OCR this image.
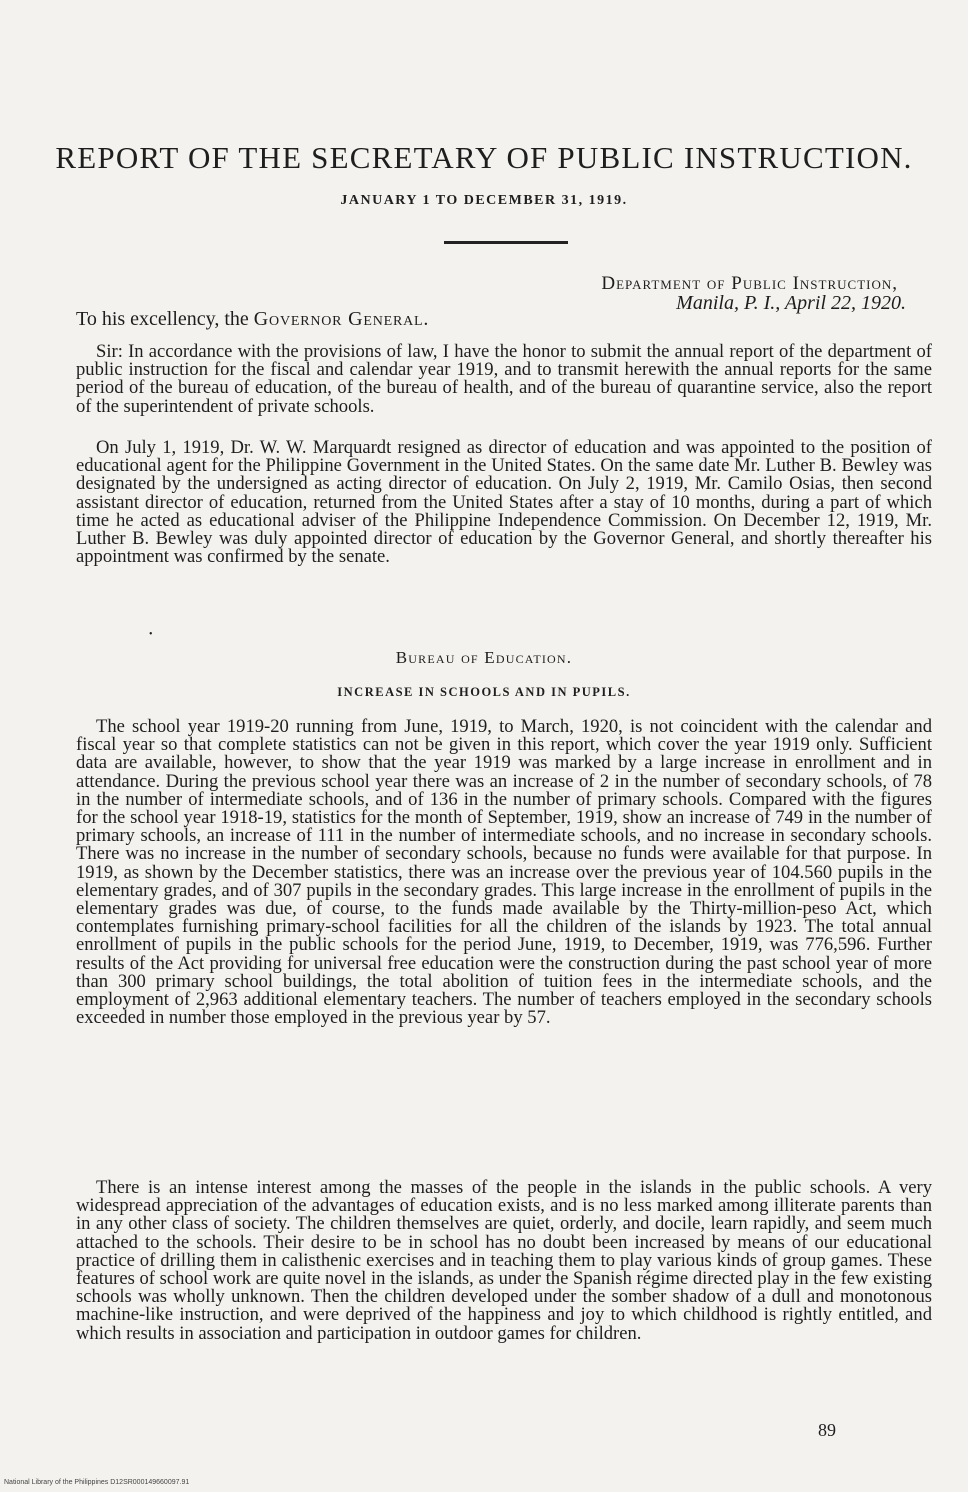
REPORT OF THE SECRETARY OF PUBLIC INSTRUCTION.
JANUARY 1 TO DECEMBER 31, 1919.
Department of Public Instruction,
Manila, P. I., April 22, 1920.
To his excellency, the Governor General.

Sir: In accordance with the provisions of law, I have the honor to submit the annual report of the department of public instruction for the fiscal and calendar year 1919, and to transmit herewith the annual reports for the same period of the bureau of education, of the bureau of health, and of the bureau of quarantine service, also the report of the superintendent of private schools.

On July 1, 1919, Dr. W. W. Marquardt resigned as director of education and was appointed to the position of educational agent for the Philippine Government in the United States. On the same date Mr. Luther B. Bewley was designated by the undersigned as acting director of education. On July 2, 1919, Mr. Camilo Osias, then second assistant director of education, returned from the United States after a stay of 10 months, during a part of which time he acted as educational adviser of the Philippine Independence Commission. On December 12, 1919, Mr. Luther B. Bewley was duly appointed director of education by the Governor General, and shortly thereafter his appointment was confirmed by the senate.

•
Bureau of Education.
INCREASE IN SCHOOLS AND IN PUPILS.

The school year 1919-20 running from June, 1919, to March, 1920, is not coincident with the calendar and fiscal year so that complete statistics can not be given in this report, which cover the year 1919 only. Sufficient data are available, however, to show that the year 1919 was marked by a large increase in enrollment and in attendance. During the previous school year there was an increase of 2 in the number of secondary schools, of 78 in the number of intermediate schools, and of 136 in the number of primary schools. Compared with the figures for the school year 1918-19, statistics for the month of September, 1919, show an increase of 749 in the number of primary schools, an increase of 111 in the number of intermediate schools, and no increase in secondary schools. There was no increase in the number of secondary schools, because no funds were available for that purpose. In 1919, as shown by the December statistics, there was an increase over the previous year of 104.560 pupils in the elementary grades, and of 307 pupils in the secondary grades. This large increase in the enrollment of pupils in the elementary grades was due, of course, to the funds made available by the Thirty-million-peso Act, which contemplates furnishing primary-school facilities for all the children of the islands by 1923. The total annual enrollment of pupils in the public schools for the period June, 1919, to December, 1919, was 776,596. Further results of the Act providing for universal free education were the construction during the past school year of more than 300 primary school buildings, the total abolition of tuition fees in the intermediate schools, and the employment of 2,963 additional elementary teachers. The number of teachers employed in the secondary schools exceeded in number those employed in the previous year by 57.

There is an intense interest among the masses of the people in the islands in the public schools. A very widespread appreciation of the advantages of education exists, and is no less marked among illiterate parents than in any other class of society. The children themselves are quiet, orderly, and docile, learn rapidly, and seem much attached to the schools. Their desire to be in school has no doubt been increased by means of our educational practice of drilling them in calisthenic exercises and in teaching them to play various kinds of group games. These features of school work are quite novel in the islands, as under the Spanish régime directed play in the few existing schools was wholly unknown. Then the children developed under the somber shadow of a dull and monotonous machine-like instruction, and were deprived of the happiness and joy to which childhood is rightly entitled, and which results in association and participation in outdoor games for children.

89
National Library of the Philippines D12SR000149660097.91
